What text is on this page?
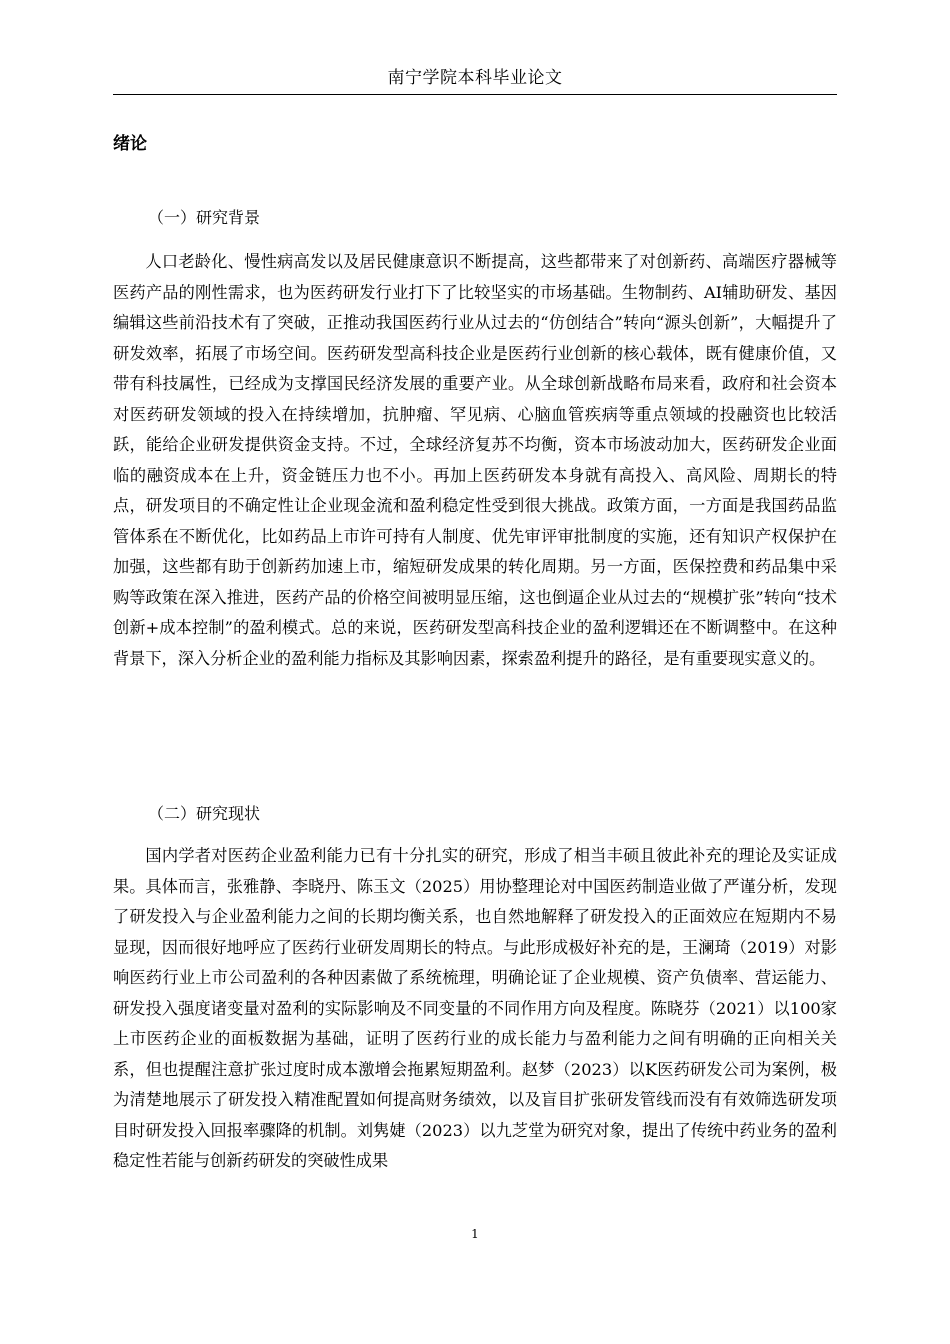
南宁学院本科毕业论文
绪论
（一）研究背景

人口老龄化、慢性病高发以及居民健康意识不断提高，这些都带来了对创新药、高端医疗器械等医药产品的刚性需求，也为医药研发行业打下了比较坚实的市场基础。生物制药、AI辅助研发、基因编辑这些前沿技术有了突破，正推动我国医药行业从过去的“仿创结合”转向“源头创新”，大幅提升了研发效率，拓展了市场空间。医药研发型高科技企业是医药行业创新的核心载体，既有健康价值，又带有科技属性，已经成为支撑国民经济发展的重要产业。从全球创新战略布局来看，政府和社会资本对医药研发领域的投入在持续增加，抗肿瘤、罕见病、心脑血管疾病等重点领域的投融资也比较活跃，能给企业研发提供资金支持。不过，全球经济复苏不均衡，资本市场波动加大，医药研发企业面临的融资成本在上升，资金链压力也不小。再加上医药研发本身就有高投入、高风险、周期长的特点，研发项目的不确定性让企业现金流和盈利稳定性受到很大挑战。政策方面，一方面是我国药品监管体系在不断优化，比如药品上市许可持有人制度、优先审评审批制度的实施，还有知识产权保护在加强，这些都有助于创新药加速上市，缩短研发成果的转化周期。另一方面，医保控费和药品集中采购等政策在深入推进，医药产品的价格空间被明显压缩，这也倒逼企业从过去的“规模扩张”转向“技术创新+成本控制”的盈利模式。总的来说，医药研发型高科技企业的盈利逻辑还在不断调整中。在这种背景下，深入分析企业的盈利能力指标及其影响因素，探索盈利提升的路径，是有重要现实意义的。

（二）研究现状

国内学者对医药企业盈利能力已有十分扎实的研究，形成了相当丰硕且彼此补充的理论及实证成果。具体而言，张雅静、李晓丹、陈玉文（2025）用协整理论对中国医药制造业做了严谨分析，发现了研发投入与企业盈利能力之间的长期均衡关系，也自然地解释了研发投入的正面效应在短期内不易显现，因而很好地呼应了医药行业研发周期长的特点。与此形成极好补充的是，王澜琦（2019）对影响医药行业上市公司盈利的各种因素做了系统梳理，明确论证了企业规模、资产负债率、营运能力、研发投入强度诸变量对盈利的实际影响及不同变量的不同作用方向及程度。陈晓芬（2021）以100家上市医药企业的面板数据为基础，证明了医药行业的成长能力与盈利能力之间有明确的正向相关关系，但也提醒注意扩张过度时成本激增会拖累短期盈利。赵梦（2023）以K医药研发公司为案例，极为清楚地展示了研发投入精准配置如何提高财务绩效，以及盲目扩张研发管线而没有有效筛选研发项目时研发投入回报率骤降的机制。刘隽婕（2023）以九芝堂为研究对象，提出了传统中药业务的盈利稳定性若能与创新药研发的突破性成果

1
